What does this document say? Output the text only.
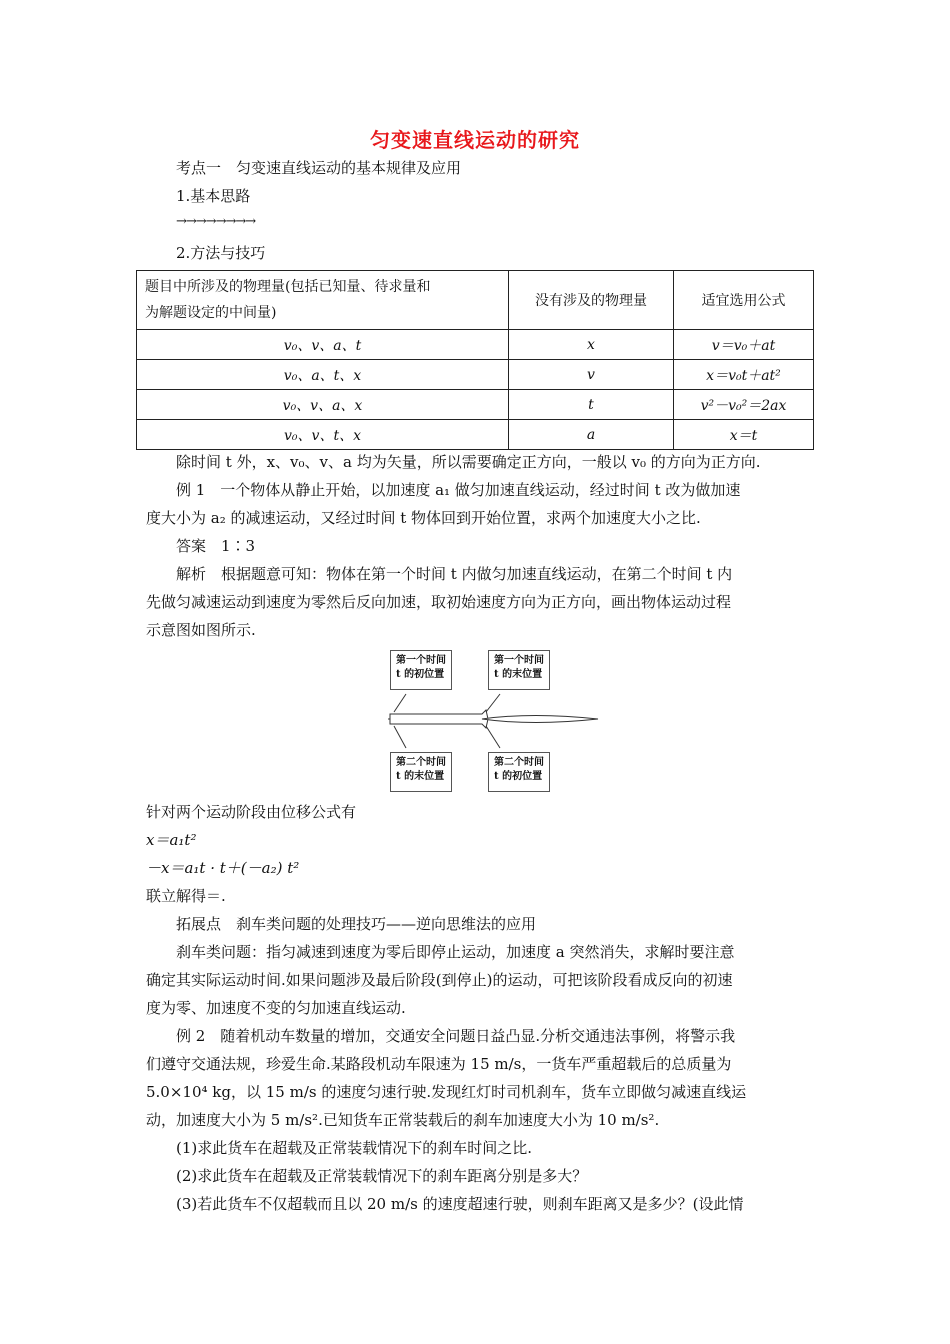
匀变速直线运动的研究
考点一　匀变速直线运动的基本规律及应用
1.基本思路
→→→→→→→→
2.方法与技巧
题目中所涉及的物理量(包括已知量、待求量和
为解题设定的中间量)	没有涉及的物理量	适宜选用公式
v₀、v、a、t	x	v＝v₀＋at
v₀、a、t、x	v	x＝v₀t＋at²
v₀、v、a、x	t	v²－v₀²＝2ax
v₀、v、t、x	a	x＝t
除时间 t 外，x、v₀、v、a 均为矢量，所以需要确定正方向，一般以 v₀ 的方向为正方向.
例 1　一个物体从静止开始，以加速度 a₁ 做匀加速直线运动，经过时间 t 改为做加速
度大小为 a₂ 的减速运动，又经过时间 t 物体回到开始位置，求两个加速度大小之比.
答案　1∶3
解析　根据题意可知：物体在第一个时间 t 内做匀加速直线运动，在第二个时间 t 内
先做匀减速运动到速度为零然后反向加速，取初始速度方向为正方向，画出物体运动过程
示意图如图所示.
第一个时间
t 的初位置
第一个时间
t 的末位置
第二个时间
t 的末位置
第二个时间
t 的初位置
针对两个运动阶段由位移公式有
x＝a₁t²
－x＝a₁t · t＋(－a₂) t²
联立解得＝.
拓展点　刹车类问题的处理技巧——逆向思维法的应用
刹车类问题：指匀减速到速度为零后即停止运动，加速度 a 突然消失，求解时要注意
确定其实际运动时间.如果问题涉及最后阶段(到停止)的运动，可把该阶段看成反向的初速
度为零、加速度不变的匀加速直线运动.
例 2　随着机动车数量的增加，交通安全问题日益凸显.分析交通违法事例，将警示我
们遵守交通法规，珍爱生命.某路段机动车限速为 15 m/s，一货车严重超载后的总质量为
5.0×10⁴ kg，以 15 m/s 的速度匀速行驶.发现红灯时司机刹车，货车立即做匀减速直线运
动，加速度大小为 5 m/s².已知货车正常装载后的刹车加速度大小为 10 m/s².
(1)求此货车在超载及正常装载情况下的刹车时间之比.
(2)求此货车在超载及正常装载情况下的刹车距离分别是多大？
(3)若此货车不仅超载而且以 20 m/s 的速度超速行驶，则刹车距离又是多少？(设此情
